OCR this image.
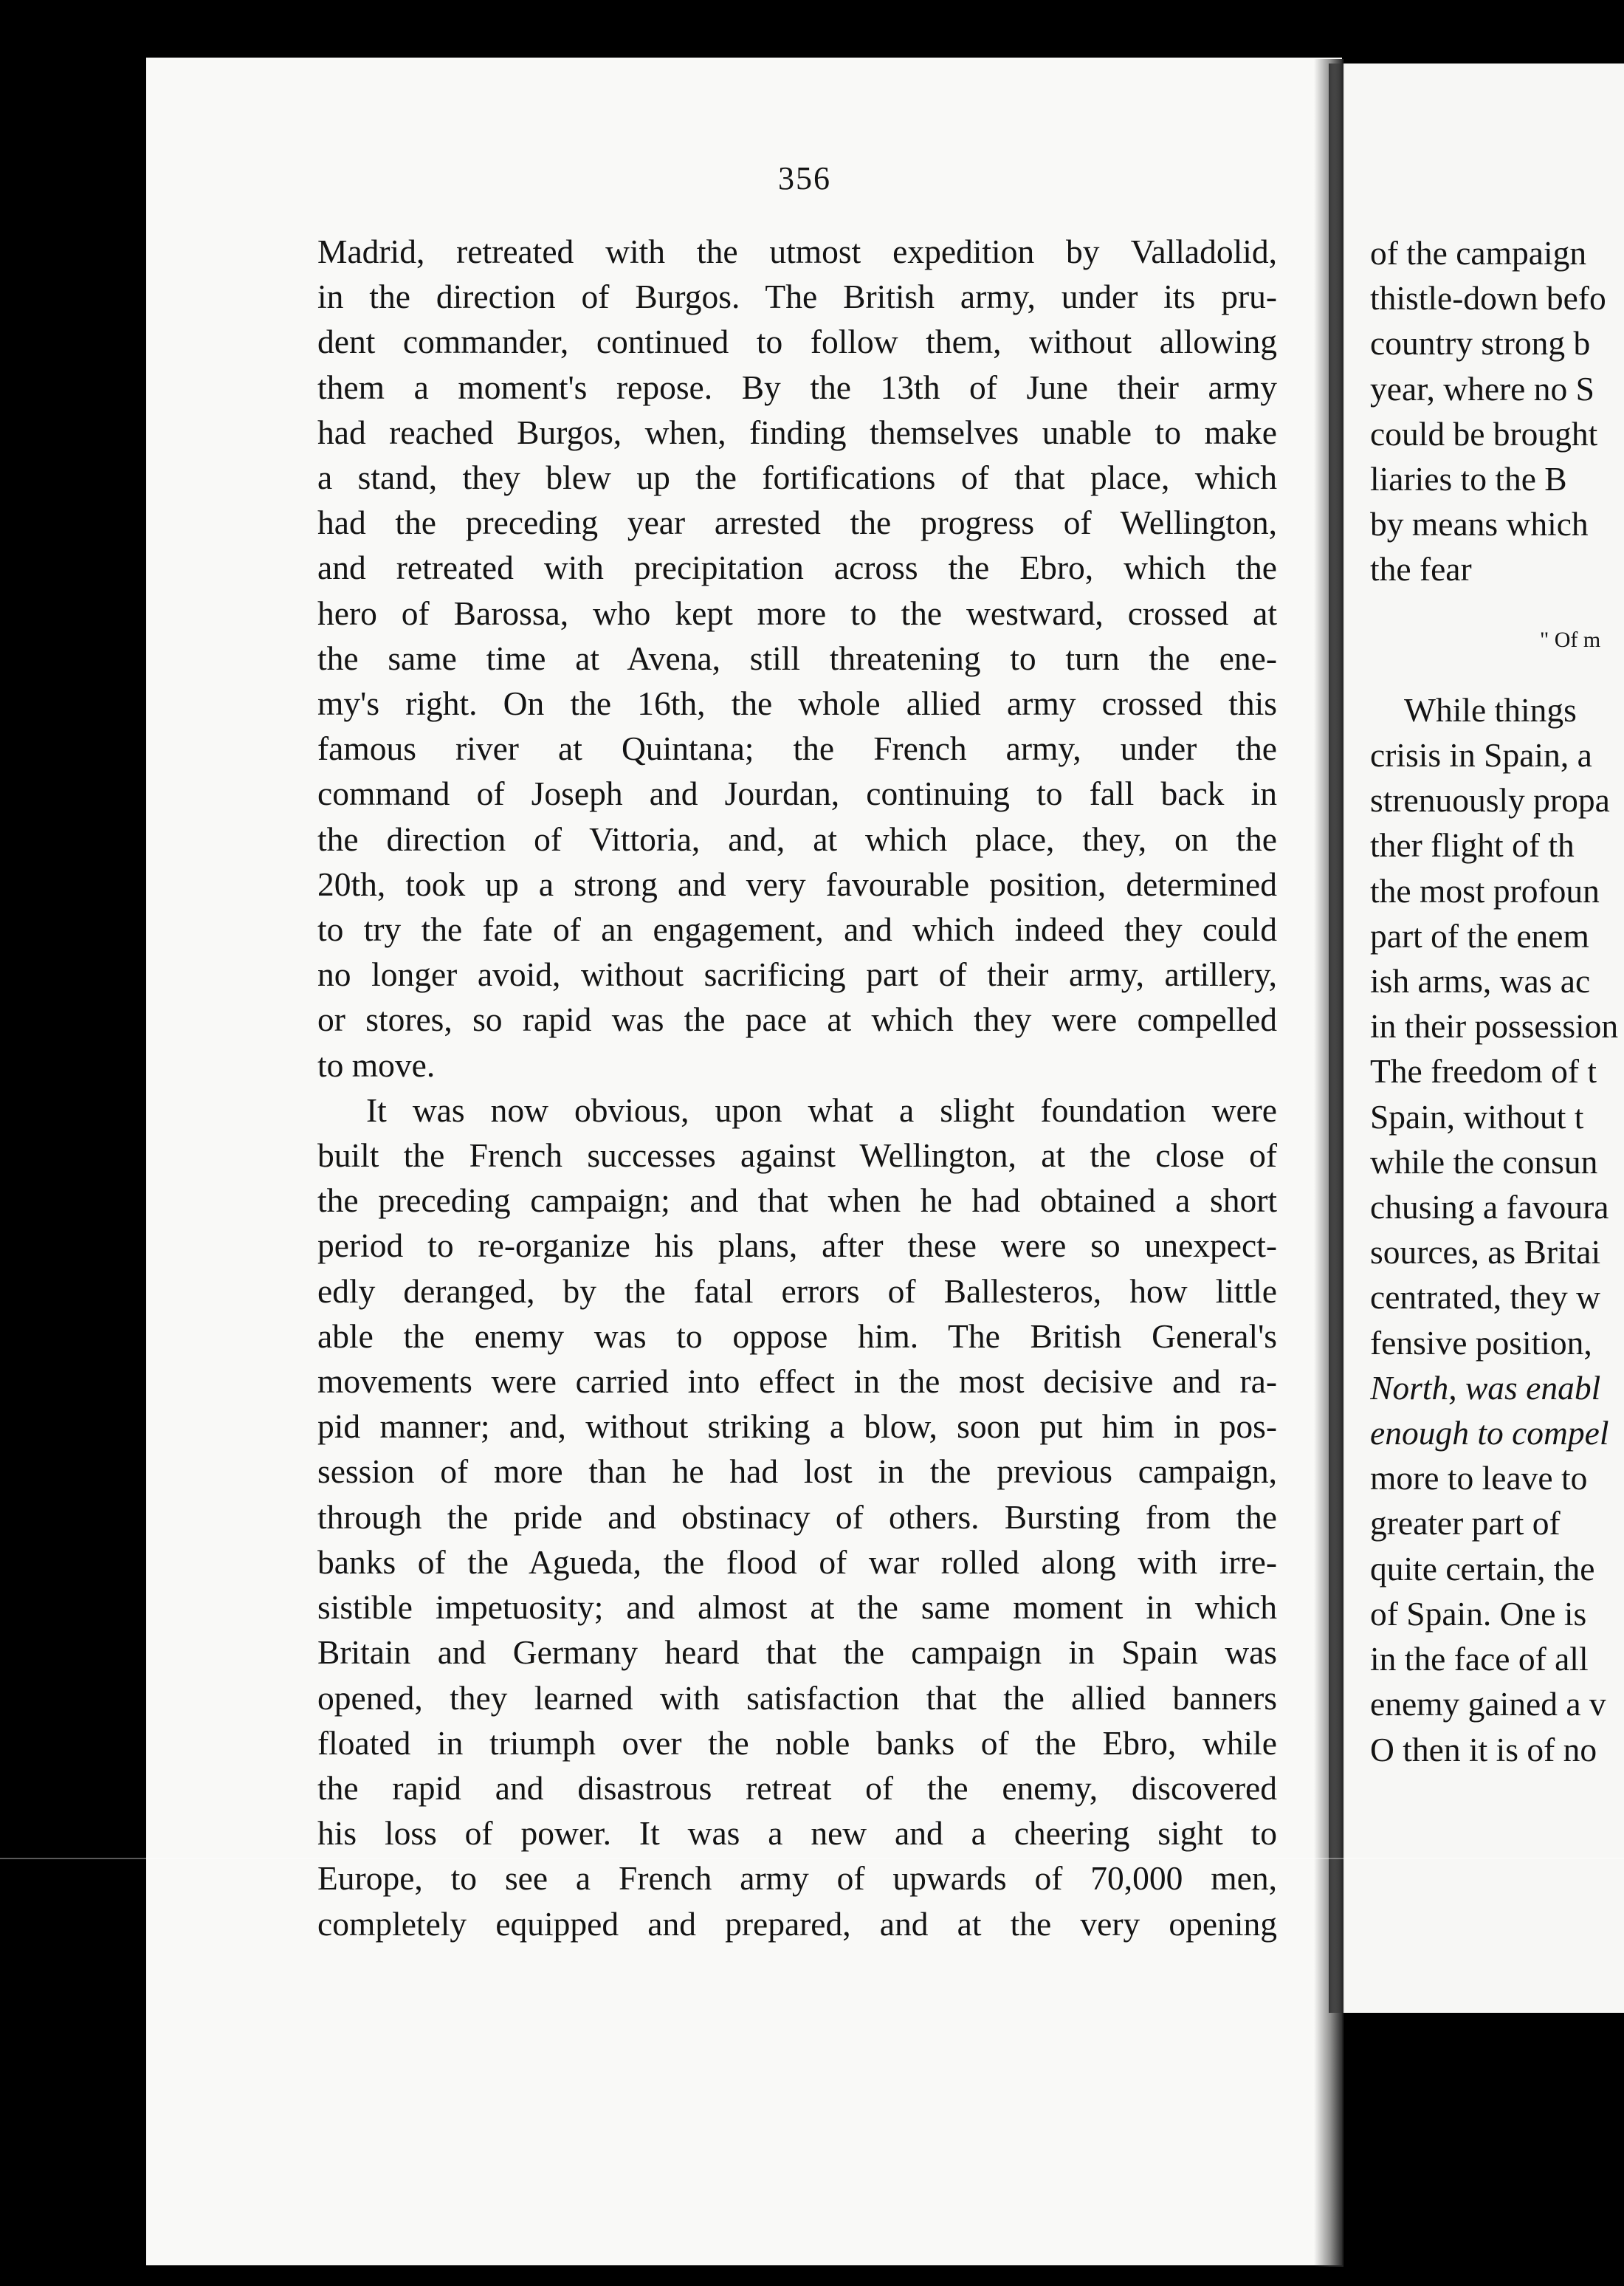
356
Madrid, retreated with the utmost expedition by Valladolid,
in the direction of Burgos. The British army, under its pru-
dent commander, continued to follow them, without allowing
them a moment's repose. By the 13th of June their army
had reached Burgos, when, finding themselves unable to make
a stand, they blew up the fortifications of that place, which
had the preceding year arrested the progress of Wellington,
and retreated with precipitation across the Ebro, which the
hero of Barossa, who kept more to the westward, crossed at
the same time at Avena, still threatening to turn the ene-
my's right. On the 16th, the whole allied army crossed this
famous river at Quintana; the French army, under the
command of Joseph and Jourdan, continuing to fall back in
the direction of Vittoria, and, at which place, they, on the
20th, took up a strong and very favourable position, determined
to try the fate of an engagement, and which indeed they could
no longer avoid, without sacrificing part of their army, artillery,
or stores, so rapid was the pace at which they were compelled
to move.
It was now obvious, upon what a slight foundation were
built the French successes against Wellington, at the close of
the preceding campaign; and that when he had obtained a short
period to re-organize his plans, after these were so unexpect-
edly deranged, by the fatal errors of Ballesteros, how little
able the enemy was to oppose him. The British General's
movements were carried into effect in the most decisive and ra-
pid manner; and, without striking a blow, soon put him in pos-
session of more than he had lost in the previous campaign,
through the pride and obstinacy of others. Bursting from the
banks of the Agueda, the flood of war rolled along with irre-
sistible impetuosity; and almost at the same moment in which
Britain and Germany heard that the campaign in Spain was
opened, they learned with satisfaction that the allied banners
floated in triumph over the noble banks of the Ebro, while
the rapid and disastrous retreat of the enemy, discovered
his loss of power. It was a new and a cheering sight to
Europe, to see a French army of upwards of 70,000 men,
completely equipped and prepared, and at the very opening
of the campaign
thistle-down befo
country strong b
year, where no S
could be brought
liaries to the B
by means which
the fear
" Of m
While things
crisis in Spain, a
strenuously propa
ther flight of th
the most profoun
part of the enem
ish arms, was ac
in their possession
The freedom of t
Spain, without t
while the consun
chusing a favoura
sources, as Britai
centrated, they w
fensive position,
North, was enabl
enough to compel
more to leave to
greater part of
quite certain, the
of Spain. One is
in the face of all
enemy gained a v
O then it is of no
